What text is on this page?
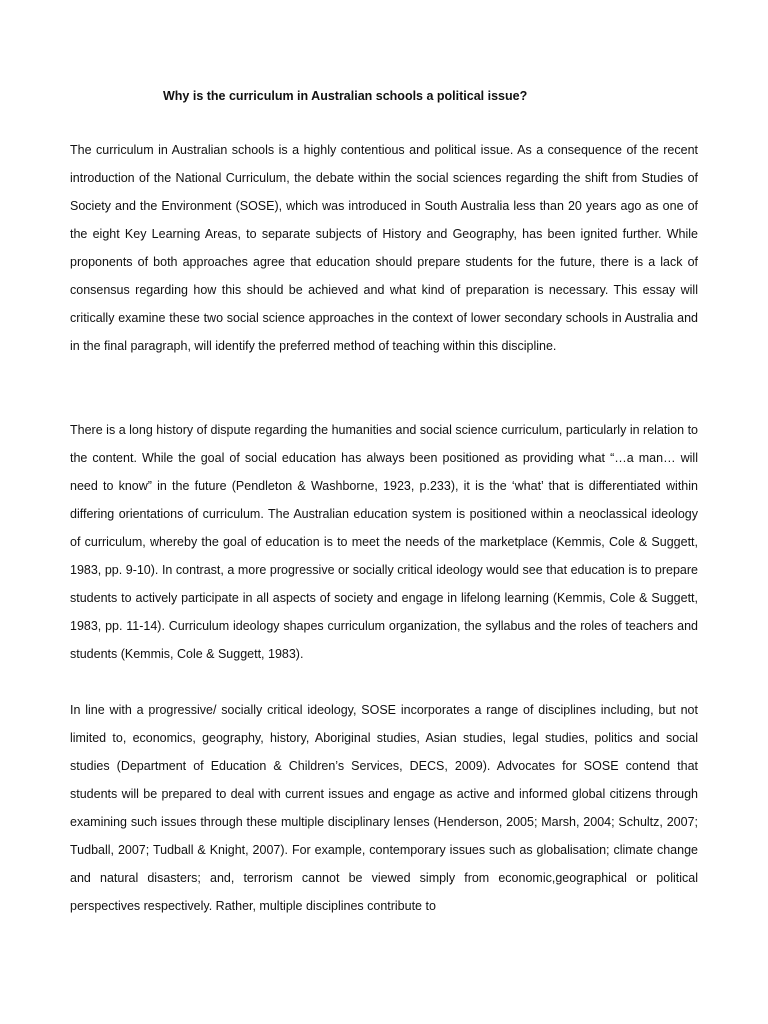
Why is the curriculum in Australian schools a political issue?

The curriculum in Australian schools is a highly contentious and political issue. As a consequence of the recent introduction of the National Curriculum, the debate within the social sciences regarding the shift from Studies of Society and the Environment (SOSE), which was introduced in South Australia less than 20 years ago as one of the eight Key Learning Areas, to separate subjects of History and Geography, has been ignited further. While proponents of both approaches agree that education should prepare students for the future, there is a lack of consensus regarding how this should be achieved and what kind of preparation is necessary. This essay will critically examine these two social science approaches in the context of lower secondary schools in Australia and in the final paragraph, will identify the preferred method of teaching within this discipline.

There is a long history of dispute regarding the humanities and social science curriculum, particularly in relation to the content. While the goal of social education has always been positioned as providing what “…a man… will need to know” in the future (Pendleton & Washborne, 1923, p.233), it is the ‘what’ that is differentiated within differing orientations of curriculum. The Australian education system is positioned within a neoclassical ideology of curriculum, whereby the goal of education is to meet the needs of the marketplace (Kemmis, Cole & Suggett, 1983, pp. 9-10). In contrast, a more progressive or socially critical ideology would see that education is to prepare students to actively participate in all aspects of society and engage in lifelong learning (Kemmis, Cole & Suggett, 1983, pp. 11-14). Curriculum ideology shapes curriculum organization, the syllabus and the roles of teachers and students (Kemmis, Cole & Suggett, 1983).

In line with a progressive/ socially critical ideology, SOSE incorporates a range of disciplines including, but not limited to, economics, geography, history, Aboriginal studies, Asian studies, legal studies, politics and social studies (Department of Education & Children’s Services, DECS, 2009). Advocates for SOSE contend that students will be prepared to deal with current issues and engage as active and informed global citizens through examining such issues through these multiple disciplinary lenses (Henderson, 2005; Marsh, 2004; Schultz, 2007; Tudball, 2007; Tudball & Knight, 2007). For example, contemporary issues such as globalisation; climate change and natural disasters; and, terrorism cannot be viewed simply from economic,geographical or political perspectives respectively. Rather, multiple disciplines contribute to
